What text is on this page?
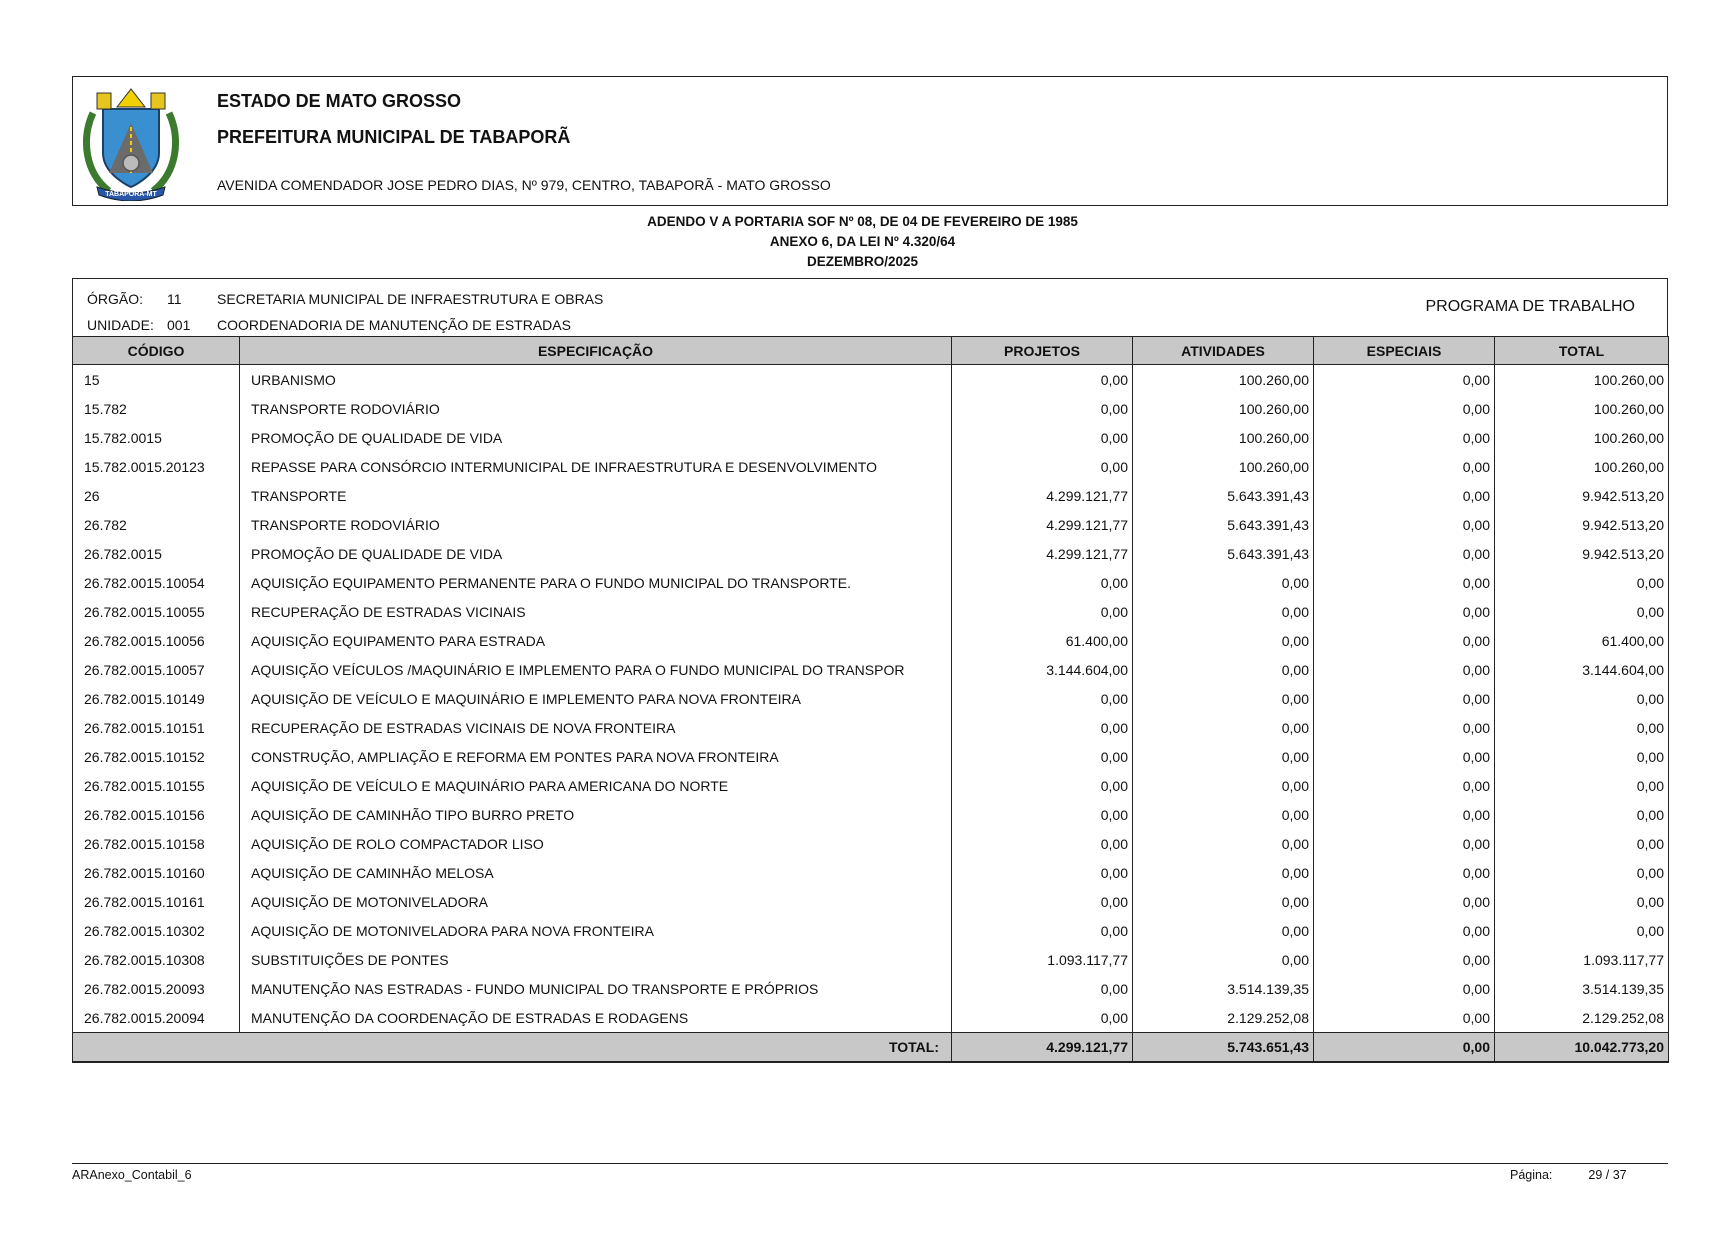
TABAPORÃ-MT
ESTADO DE MATO GROSSO
PREFEITURA MUNICIPAL DE TABAPORÃ
AVENIDA COMENDADOR JOSE PEDRO DIAS, Nº 979, CENTRO, TABAPORÃ - MATO GROSSO
ADENDO V A PORTARIA SOF Nº 08, DE 04 DE FEVEREIRO DE 1985
ANEXO 6, DA LEI Nº 4.320/64
DEZEMBRO/2025
ÓRGÃO: 11	SECRETARIA MUNICIPAL DE INFRAESTRUTURA E OBRAS
UNIDADE: 001 COORDENADORIA DE MANUTENÇÃO DE ESTRADAS
PROGRAMA DE TRABALHO
CÓDIGO	ESPECIFICAÇÃO	PROJETOS	ATIVIDADES	ESPECIAIS	TOTAL
15	URBANISMO	0,00	100.260,00	0,00	100.260,00
15.782	TRANSPORTE RODOVIÁRIO	0,00	100.260,00	0,00	100.260,00
15.782.0015	PROMOÇÃO DE QUALIDADE DE VIDA	0,00	100.260,00	0,00	100.260,00
15.782.0015.20123	REPASSE PARA CONSÓRCIO INTERMUNICIPAL DE INFRAESTRUTURA E DESENVOLVIMENTO	0,00	100.260,00	0,00	100.260,00
26	TRANSPORTE	4.299.121,77	5.643.391,43	0,00	9.942.513,20
26.782	TRANSPORTE RODOVIÁRIO	4.299.121,77	5.643.391,43	0,00	9.942.513,20
26.782.0015	PROMOÇÃO DE QUALIDADE DE VIDA	4.299.121,77	5.643.391,43	0,00	9.942.513,20
26.782.0015.10054	AQUISIÇÃO EQUIPAMENTO PERMANENTE PARA O FUNDO MUNICIPAL DO TRANSPORTE.	0,00	0,00	0,00	0,00
26.782.0015.10055	RECUPERAÇÃO DE ESTRADAS VICINAIS	0,00	0,00	0,00	0,00
26.782.0015.10056	AQUISIÇÃO EQUIPAMENTO PARA ESTRADA	61.400,00	0,00	0,00	61.400,00
26.782.0015.10057	AQUISIÇÃO VEÍCULOS /MAQUINÁRIO E IMPLEMENTO PARA O FUNDO MUNICIPAL DO TRANSPOR	3.144.604,00	0,00	0,00	3.144.604,00
26.782.0015.10149	AQUISIÇÃO DE VEÍCULO E MAQUINÁRIO E IMPLEMENTO PARA NOVA FRONTEIRA	0,00	0,00	0,00	0,00
26.782.0015.10151	RECUPERAÇÃO DE ESTRADAS VICINAIS DE NOVA FRONTEIRA	0,00	0,00	0,00	0,00
26.782.0015.10152	CONSTRUÇÃO, AMPLIAÇÃO E REFORMA EM PONTES PARA NOVA FRONTEIRA	0,00	0,00	0,00	0,00
26.782.0015.10155	AQUISIÇÃO DE VEÍCULO E MAQUINÁRIO PARA AMERICANA DO NORTE	0,00	0,00	0,00	0,00
26.782.0015.10156	AQUISIÇÃO DE CAMINHÃO TIPO BURRO PRETO	0,00	0,00	0,00	0,00
26.782.0015.10158	AQUISIÇÃO DE ROLO COMPACTADOR LISO	0,00	0,00	0,00	0,00
26.782.0015.10160	AQUISIÇÃO DE CAMINHÃO MELOSA	0,00	0,00	0,00	0,00
26.782.0015.10161	AQUISIÇÃO DE MOTONIVELADORA	0,00	0,00	0,00	0,00
26.782.0015.10302	AQUISIÇÃO DE MOTONIVELADORA PARA NOVA FRONTEIRA	0,00	0,00	0,00	0,00
26.782.0015.10308	SUBSTITUIÇÕES DE PONTES	1.093.117,77	0,00	0,00	1.093.117,77
26.782.0015.20093	MANUTENÇÃO NAS ESTRADAS - FUNDO MUNICIPAL DO TRANSPORTE E PRÓPRIOS	0,00	3.514.139,35	0,00	3.514.139,35
26.782.0015.20094	MANUTENÇÃO DA COORDENAÇÃO DE ESTRADAS E RODAGENS	0,00	2.129.252,08	0,00	2.129.252,08
TOTAL:		4.299.121,77	5.743.651,43	0,00	10.042.773,20
ARAnexo_Contabil_6	Página:	29 / 37
